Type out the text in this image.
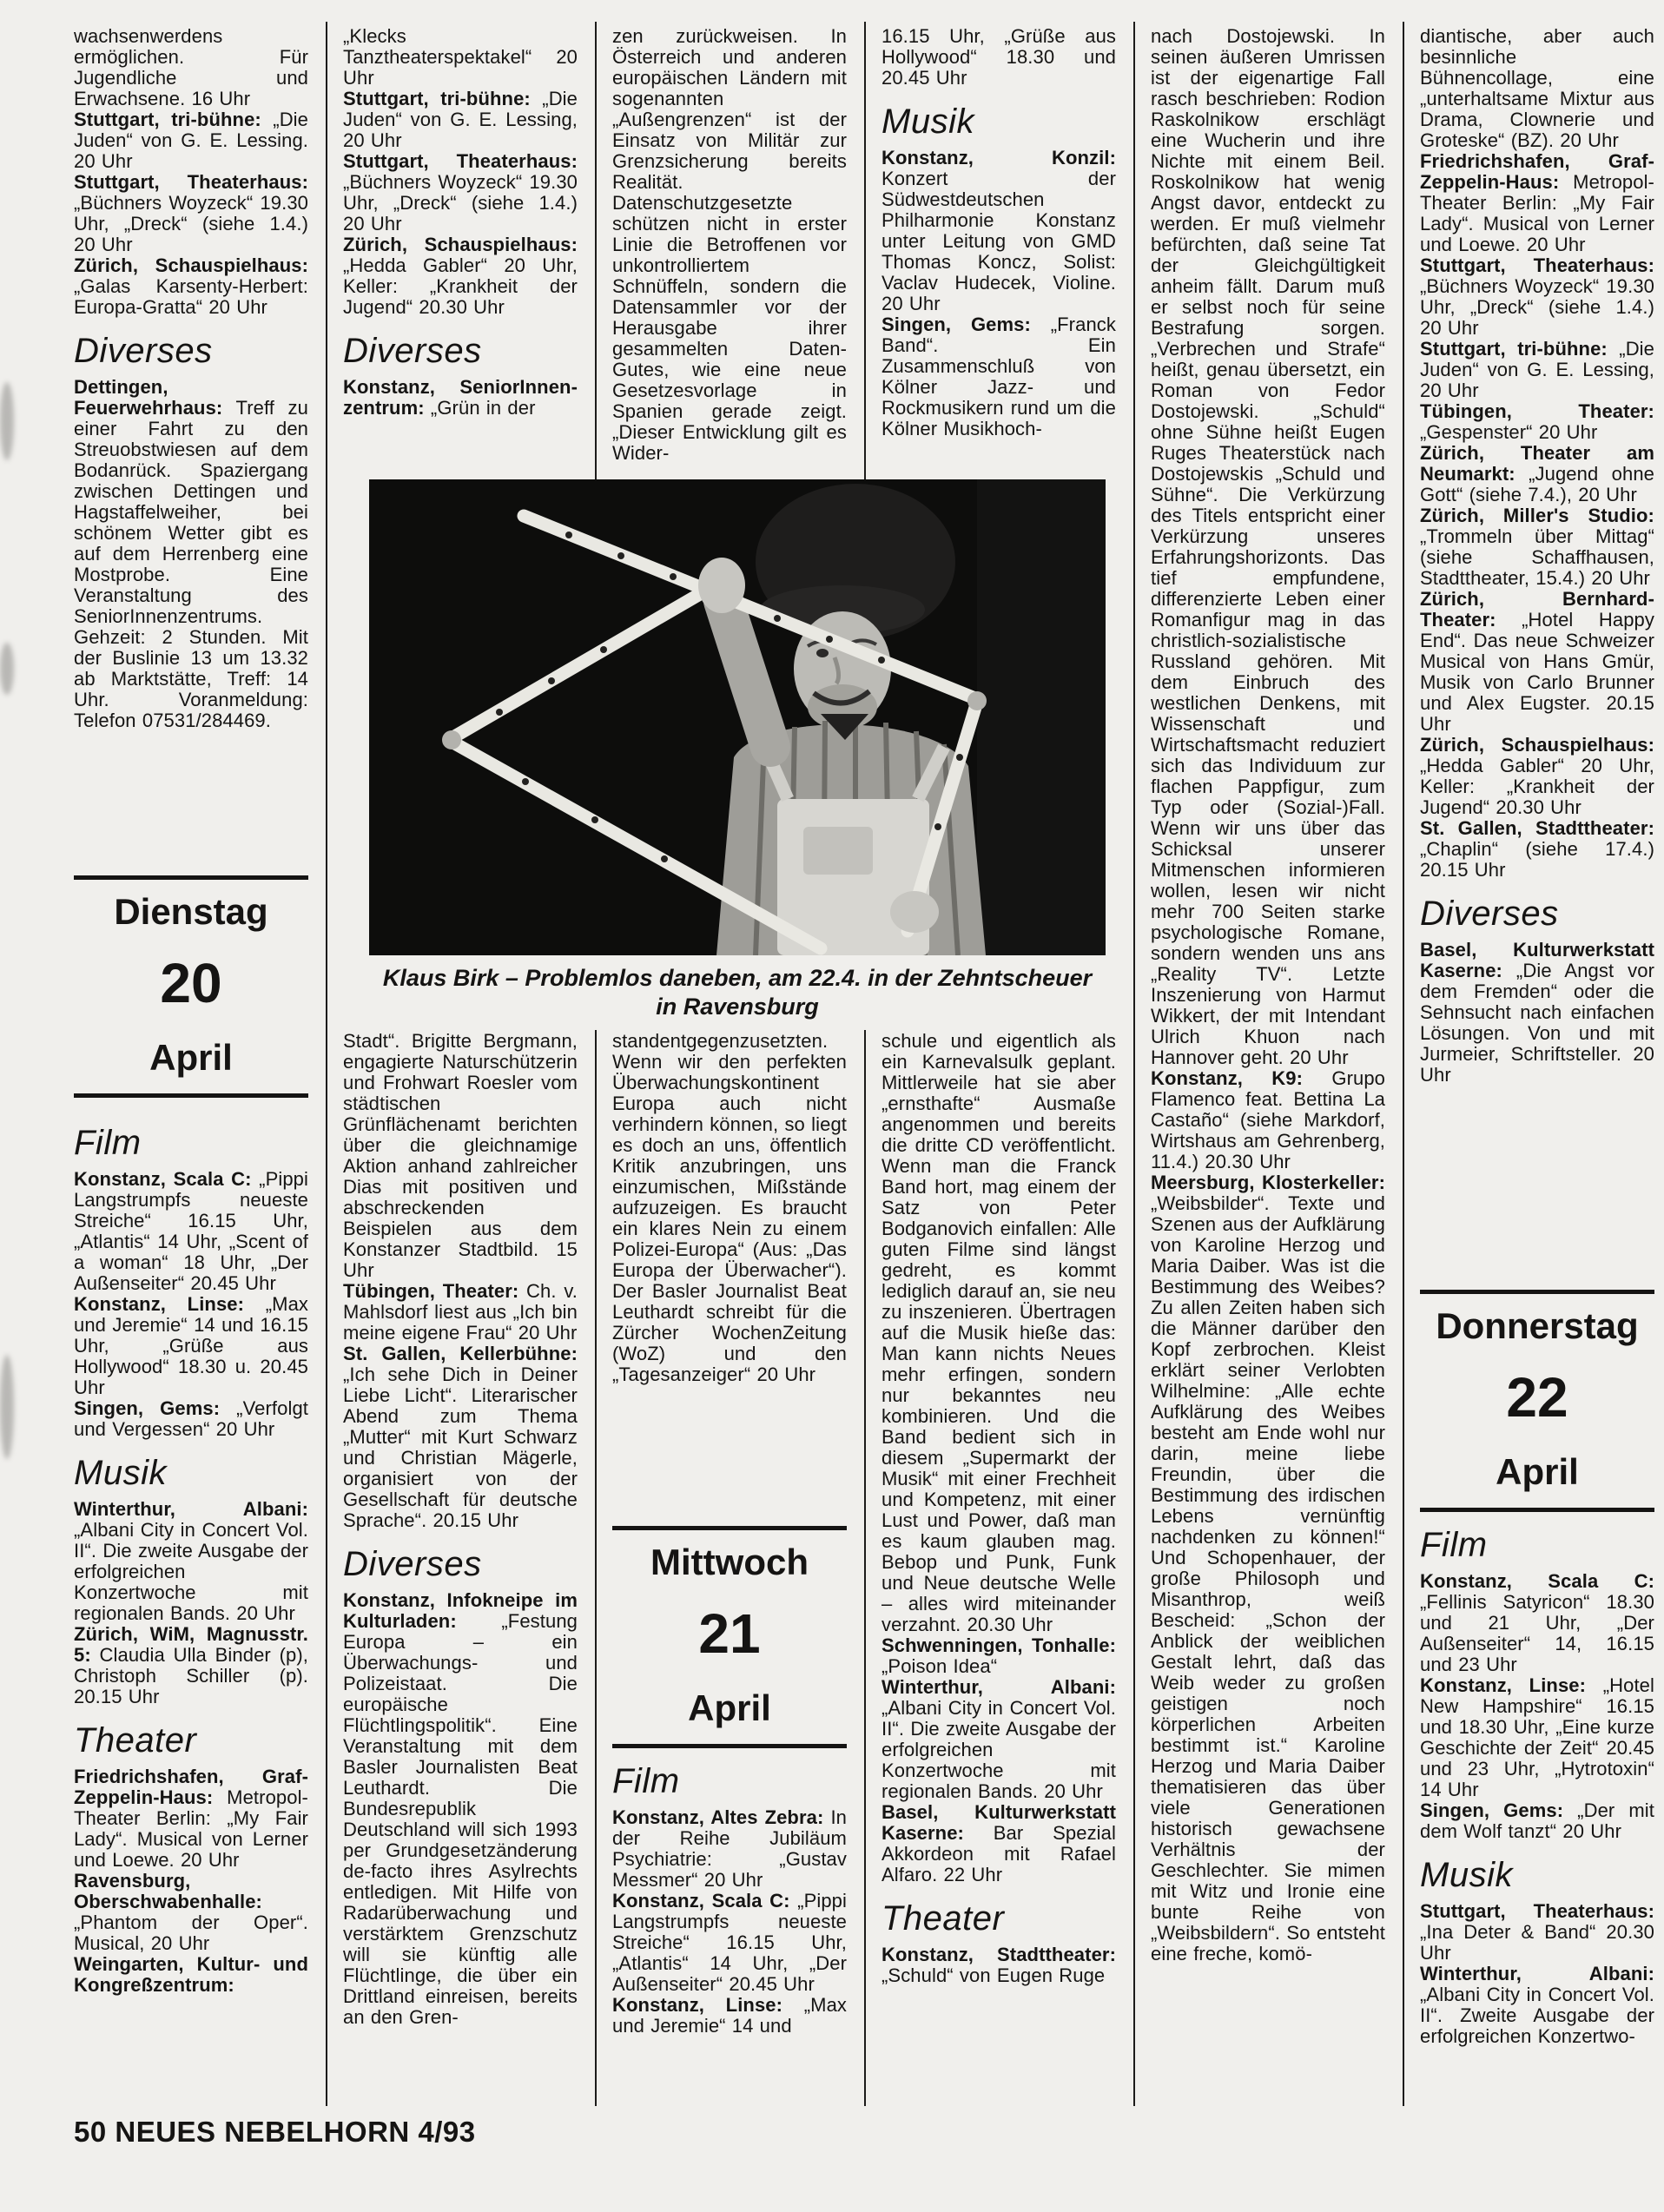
wachsenwerdens ermöglichen. Für Jugendliche und Erwachsene. 16 Uhr

Stuttgart, tri-bühne: „Die Juden“ von G. E. Lessing. 20 Uhr

Stuttgart, Theaterhaus: „Büchners Woyzeck“ 19.30 Uhr, „Dreck“ (siehe 1.4.) 20 Uhr

Zürich, Schauspielhaus: „Galas Karsenty-Herbert: Europa-Gratta“ 20 Uhr

Diverses

Dettingen, Feuerwehrhaus: Treff zu einer Fahrt zu den Streuobstwiesen auf dem Bodanrück. Spaziergang zwischen Dettingen und Hagstaffelweiher, bei schönem Wetter gibt es auf dem Herrenberg eine Mostprobe. Eine Veranstaltung des SeniorInnenzentrums. Gehzeit: 2 Stunden. Mit der Buslinie 13 um 13.32 ab Marktstätte, Treff: 14 Uhr. Voranmeldung: Telefon 07531/284469.

Dienstag
20
April
Film

Konstanz, Scala C: „Pippi Langstrumpfs neueste Streiche“ 16.15 Uhr, „Atlantis“ 14 Uhr, „Scent of a woman“ 18 Uhr, „Der Außenseiter“ 20.45 Uhr

Konstanz, Linse: „Max und Jeremie“ 14 und 16.15 Uhr, „Grüße aus Hollywood“ 18.30 u. 20.45 Uhr

Singen, Gems: „Verfolgt und Vergessen“ 20 Uhr

Musik

Winterthur, Albani: „Albani City in Concert Vol. II“. Die zweite Ausgabe der erfolgreichen Konzertwoche mit regionalen Bands. 20 Uhr

Zürich, WiM, Magnusstr. 5: Claudia Ulla Binder (p), Christoph Schiller (p). 20.15 Uhr

Theater

Friedrichshafen, Graf-Zeppelin-Haus: Metropol-Theater Berlin: „My Fair Lady“. Musical von Lerner und Loewe. 20 Uhr

Ravensburg, Oberschwabenhalle: „Phantom der Oper“. Musical, 20 Uhr

Weingarten, Kultur- und Kongreßzentrum:

„Klecks Tanztheaterspektakel“ 20 Uhr

Stuttgart, tri-bühne: „Die Juden“ von G. E. Lessing, 20 Uhr

Stuttgart, Theaterhaus: „Büchners Woyzeck“ 19.30 Uhr, „Dreck“ (siehe 1.4.) 20 Uhr

Zürich, Schauspielhaus: „Hedda Gabler“ 20 Uhr, Keller: „Krankheit der Jugend“ 20.30 Uhr

Diverses

Konstanz, SeniorInnen-zentrum: „Grün in der

Stadt“. Brigitte Bergmann, engagierte Naturschützerin und Frohwart Roesler vom städtischen Grünflächenamt berichten über die gleichnamige Aktion anhand zahlreicher Dias mit positiven und abschreckenden Beispielen aus dem Konstanzer Stadtbild. 15 Uhr

Tübingen, Theater: Ch. v. Mahlsdorf liest aus „Ich bin meine eigene Frau“ 20 Uhr

St. Gallen, Kellerbühne: „Ich sehe Dich in Deiner Liebe Licht“. Literarischer Abend zum Thema „Mutter“ mit Kurt Schwarz und Christian Mägerle, organisiert von der Gesellschaft für deutsche Sprache“. 20.15 Uhr

Diverses

Konstanz, Infokneipe im Kulturladen: „Festung Europa – ein Überwachungs- und Polizeistaat. Die europäische Flüchtlingspolitik“. Eine Veranstaltung mit dem Basler Journalisten Beat Leuthardt. Die Bundesrepublik Deutschland will sich 1993 per Grundgesetzänderung de-facto ihres Asylrechts entledigen. Mit Hilfe von Radarüberwachung und verstärktem Grenzschutz will sie künftig alle Flüchtlinge, die über ein Drittland einreisen, bereits an den Gren-

zen zurückweisen. In Österreich und anderen europäischen Ländern mit sogenannten „Außengrenzen“ ist der Einsatz von Militär zur Grenzsicherung bereits Realität. Datenschutzgesetzte schützen nicht in erster Linie die Betroffenen vor unkontrolliertem Schnüffeln, sondern die Datensammler vor der Herausgabe ihrer gesammelten Daten-Gutes, wie eine neue Gesetzesvorlage in Spanien gerade zeigt. „Dieser Entwicklung gilt es Wider-

standentgegenzusetzten. Wenn wir den perfekten Überwachungskontinent Europa auch nicht verhindern können, so liegt es doch an uns, öffentlich Kritik anzubringen, uns einzumischen, Mißstände aufzuzeigen. Es braucht ein klares Nein zu einem Polizei-Europa“ (Aus: „Das Europa der Überwacher“). Der Basler Journalist Beat Leuthardt schreibt für die Zürcher WochenZeitung (WoZ) und den „Tagesanzeiger“ 20 Uhr

Mittwoch
21
April
Film

Konstanz, Altes Zebra: In der Reihe Jubiläum Psychiatrie: „Gustav Messmer“ 20 Uhr

Konstanz, Scala C: „Pippi Langstrumpfs neueste Streiche“ 16.15 Uhr, „Atlantis“ 14 Uhr, „Der Außenseiter“ 20.45 Uhr

Konstanz, Linse: „Max und Jeremie“ 14 und

16.15 Uhr, „Grüße aus Hollywood“ 18.30 und 20.45 Uhr

Musik

Konstanz, Konzil: Konzert der Südwestdeutschen Philharmonie Konstanz unter Leitung von GMD Thomas Koncz, Solist: Vaclav Hudecek, Violine. 20 Uhr

Singen, Gems: „Franck Band“. Ein Zusammenschluß von Kölner Jazz- und Rockmusikern rund um die Kölner Musikhoch-

schule und eigentlich als ein Karnevalsulk geplant. Mittlerweile hat sie aber „ernsthafte“ Ausmaße angenommen und bereits die dritte CD veröffentlicht. Wenn man die Franck Band hort, mag einem der Satz von Peter Bodganovich einfallen: Alle guten Filme sind längst gedreht, es kommt lediglich darauf an, sie neu zu inszenieren. Übertragen auf die Musik hieße das: Man kann nichts Neues mehr erfingen, sondern nur bekanntes neu kombinieren. Und die Band bedient sich in diesem „Supermarkt der Musik“ mit einer Frechheit und Kompetenz, mit einer Lust und Power, daß man es kaum glauben mag. Bebop und Punk, Funk und Neue deutsche Welle – alles wird miteinander verzahnt. 20.30 Uhr

Schwenningen, Tonhalle: „Poison Idea“

Winterthur, Albani: „Albani City in Concert Vol. II“. Die zweite Ausgabe der erfolgreichen Konzertwoche mit regionalen Bands. 20 Uhr

Basel, Kulturwerkstatt Kaserne: Bar Spezial Akkordeon mit Rafael Alfaro. 22 Uhr

Theater

Konstanz, Stadttheater: „Schuld“ von Eugen Ruge

nach Dostojewski. In seinen äußeren Umrissen ist der eigenartige Fall rasch beschrieben: Rodion Raskolnikow erschlägt eine Wucherin und ihre Nichte mit einem Beil. Roskolnikow hat wenig Angst davor, entdeckt zu werden. Er muß vielmehr befürchten, daß seine Tat der Gleichgültigkeit anheim fällt. Darum muß er selbst noch für seine Bestrafung sorgen. „Verbrechen und Strafe“ heißt, genau übersetzt, ein Roman von Fedor Dostojewski. „Schuld“ ohne Sühne heißt Eugen Ruges Theaterstück nach Dostojewskis „Schuld und Sühne“. Die Verkürzung des Titels entspricht einer Verkürzung unseres Erfahrungshorizonts. Das tief empfundene, differenzierte Leben einer Romanfigur mag in das christlich-sozialistische Russland gehören. Mit dem Einbruch des westlichen Denkens, mit Wissenschaft und Wirtschaftsmacht reduziert sich das Individuum zur flachen Pappfigur, zum Typ oder (Sozial-)Fall. Wenn wir uns über das Schicksal unserer Mitmenschen informieren wollen, lesen wir nicht mehr 700 Seiten starke psychologische Romane, sondern wenden uns ans „Reality TV“. Letzte Inszenierung von Harmut Wikkert, der mit Intendant Ulrich Khuon nach Hannover geht. 20 Uhr

Konstanz, K9: Grupo Flamenco feat. Bettina La Castaño“ (siehe Markdorf, Wirtshaus am Gehrenberg, 11.4.) 20.30 Uhr

Meersburg, Klosterkeller: „Weibsbilder“. Texte und Szenen aus der Aufklärung von Karoline Herzog und Maria Daiber. Was ist die Bestimmung des Weibes? Zu allen Zeiten haben sich die Männer darüber den Kopf zerbrochen. Kleist erklärt seiner Verlobten Wilhelmine: „Alle echte Aufklärung des Weibes besteht am Ende wohl nur darin, meine liebe Freundin, über die Bestimmung des irdischen Lebens vernünftig nachdenken zu können!“ Und Schopenhauer, der große Philosoph und Misanthrop, weiß Bescheid: „Schon der Anblick der weiblichen Gestalt lehrt, daß das Weib weder zu großen geistigen noch körperlichen Arbeiten bestimmt ist.“ Karoline Herzog und Maria Daiber thematisieren das über viele Generationen historisch gewachsene Verhältnis der Geschlechter. Sie mimen mit Witz und Ironie eine bunte Reihe von „Weibsbildern“. So entsteht eine freche, komö-

diantische, aber auch besinnliche Bühnencollage, eine „unterhaltsame Mixtur aus Drama, Clownerie und Groteske“ (BZ). 20 Uhr

Friedrichshafen, Graf-Zeppelin-Haus: Metropol-Theater Berlin: „My Fair Lady“. Musical von Lerner und Loewe. 20 Uhr

Stuttgart, Theaterhaus: „Büchners Woyzeck“ 19.30 Uhr, „Dreck“ (siehe 1.4.) 20 Uhr

Stuttgart, tri-bühne: „Die Juden“ von G. E. Lessing, 20 Uhr

Tübingen, Theater: „Gespenster“ 20 Uhr

Zürich, Theater am Neumarkt: „Jugend ohne Gott“ (siehe 7.4.), 20 Uhr

Zürich, Miller's Studio: „Trommeln über Mittag“ (siehe Schaffhausen, Stadttheater, 15.4.) 20 Uhr

Zürich, Bernhard-Theater: „Hotel Happy End“. Das neue Schweizer Musical von Hans Gmür, Musik von Carlo Brunner und Alex Eugster. 20.15 Uhr

Zürich, Schauspielhaus: „Hedda Gabler“ 20 Uhr, Keller: „Krankheit der Jugend“ 20.30 Uhr

St. Gallen, Stadttheater: „Chaplin“ (siehe 17.4.) 20.15 Uhr

Diverses

Basel, Kulturwerkstatt Kaserne: „Die Angst vor dem Fremden“ oder die Sehnsucht nach einfachen Lösungen. Von und mit Jurmeier, Schriftsteller. 20 Uhr

Donnerstag
22
April
Film

Konstanz, Scala C: „Fellinis Satyricon“ 18.30 und 21 Uhr, „Der Außenseiter“ 14, 16.15 und 23 Uhr

Konstanz, Linse: „Hotel New Hampshire“ 16.15 und 18.30 Uhr, „Eine kurze Geschichte der Zeit“ 20.45 und 23 Uhr, „Hytrotoxin“ 14 Uhr

Singen, Gems: „Der mit dem Wolf tanzt“ 20 Uhr

Musik

Stuttgart, Theaterhaus: „Ina Deter & Band“ 20.30 Uhr

Winterthur, Albani: „Albani City in Concert Vol. II“. Zweite Ausgabe der erfolgreichen Konzertwo-

Klaus Birk – Problemlos daneben, am 22.4. in der Zehntscheuer in Ravensburg
50 NEUES NEBELHORN 4/93
